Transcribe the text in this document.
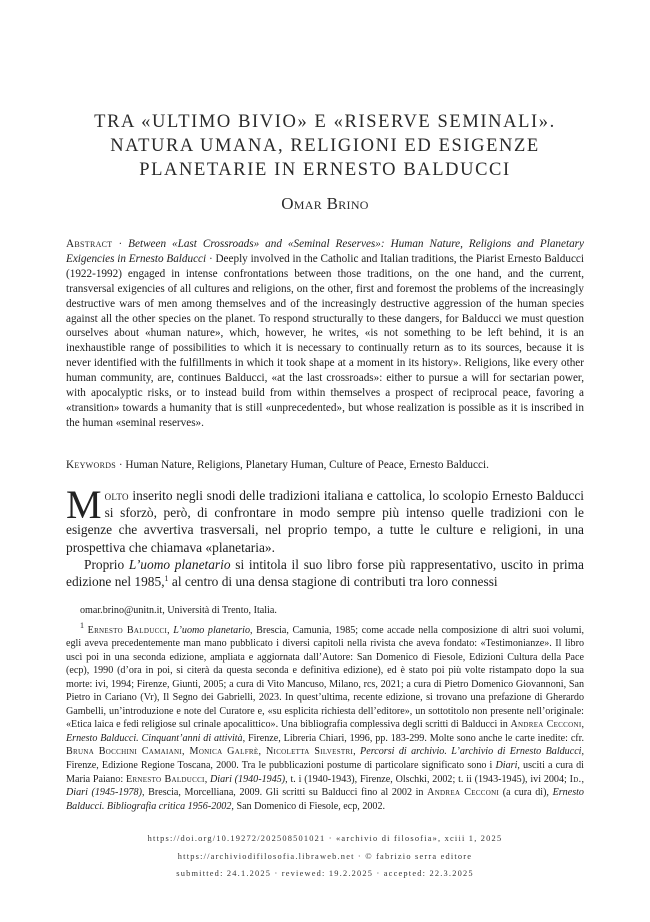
TRA «ULTIMO BIVIO» E «RISERVE SEMINALI».
NATURA UMANA, RELIGIONI ED ESIGENZE
PLANETARIE IN ERNESTO BALDUCCI
Omar Brino
Abstract · Between «Last Crossroads» and «Seminal Reserves»: Human Nature, Religions and Planetary Exigencies in Ernesto Balducci · Deeply involved in the Catholic and Italian traditions, the Piarist Ernesto Balducci (1922-1992) engaged in intense confrontations between those traditions, on the one hand, and the current, transversal exigencies of all cultures and religions, on the other, first and foremost the problems of the increasingly destructive wars of men among themselves and of the increasingly destructive aggression of the human species against all the other species on the planet. To respond structurally to these dangers, for Balducci we must question ourselves about «human nature», which, however, he writes, «is not something to be left behind, it is an inexhaustible range of possibilities to which it is necessary to continually return as to its sources, because it is never identified with the fulfillments in which it took shape at a moment in its history». Religions, like every other human community, are, continues Balducci, «at the last crossroads»: either to pursue a will for sectarian power, with apocalyptic risks, or to instead build from within themselves a prospect of reciprocal peace, favoring a «transition» towards a humanity that is still «unprecedented», but whose realization is possible as it is inscribed in the human «seminal reserves».
Keywords · Human Nature, Religions, Planetary Human, Culture of Peace, Ernesto Balducci.

Molto inserito negli snodi delle tradizioni italiana e cattolica, lo scolopio Ernesto Balducci si sforzò, però, di confrontare in modo sempre più intenso quelle tradizioni con le esigenze che avvertiva trasversali, nel proprio tempo, a tutte le culture e religioni, in una prospettiva che chiamava «planetaria».

Proprio L’uomo planetario si intitola il suo libro forse più rappresentativo, uscito in prima edizione nel 1985,$^1$ al centro di una densa stagione di contributi tra loro connessi

omar.brino@unitn.it, Università di Trento, Italia.

$^1$ Ernesto Balducci, L’uomo planetario, Brescia, Camunia, 1985; come accade nella composizione di altri suoi volumi, egli aveva precedentemente man mano pubblicato i diversi capitoli nella rivista che aveva fondato: «Testimonianze». Il libro uscì poi in una seconda edizione, ampliata e aggiornata dall’Autore: San Domenico di Fiesole, Edizioni Cultura della Pace (ecp), 1990 (d’ora in poi, si citerà da questa seconda e definitiva edizione), ed è stato poi più volte ristampato dopo la sua morte: ivi, 1994; Firenze, Giunti, 2005; a cura di Vito Mancuso, Milano, rcs, 2021; a cura di Pietro Domenico Giovannoni, San Pietro in Cariano (Vr), Il Segno dei Gabrielli, 2023. In quest’ultima, recente edizione, si trovano una prefazione di Gherardo Gambelli, un’introduzione e note del Curatore e, «su esplicita richiesta dell’editore», un sottotitolo non presente nell’originale: «Etica laica e fedi religiose sul crinale apocalittico». Una bibliografia complessiva degli scritti di Balducci in Andrea Cecconi, Ernesto Balducci. Cinquant’anni di attività, Firenze, Libreria Chiari, 1996, pp. 183-299. Molte sono anche le carte inedite: cfr. Bruna Bocchini Camaiani, Monica Galfrè, Nicoletta Silvestri, Percorsi di archivio. L’archivio di Ernesto Balducci, Firenze, Edizione Regione Toscana, 2000. Tra le pubblicazioni postume di particolare significato sono i Diari, usciti a cura di Maria Paiano: Ernesto Balducci, Diari (1940-1945), t. i (1940-1943), Firenze, Olschki, 2002; t. ii (1943-1945), ivi 2004; Id., Diari (1945-1978), Brescia, Morcelliana, 2009. Gli scritti su Balducci fino al 2002 in Andrea Cecconi (a cura di), Ernesto Balducci. Bibliografia critica 1956-2002, San Domenico di Fiesole, ecp, 2002.

https://doi.org/10.19272/202508501021 · «archivio di filosofia», xciii 1, 2025
https://archiviodifilosofia.libraweb.net · © fabrizio serra editore
submitted: 24.1.2025 · reviewed: 19.2.2025 · accepted: 22.3.2025
